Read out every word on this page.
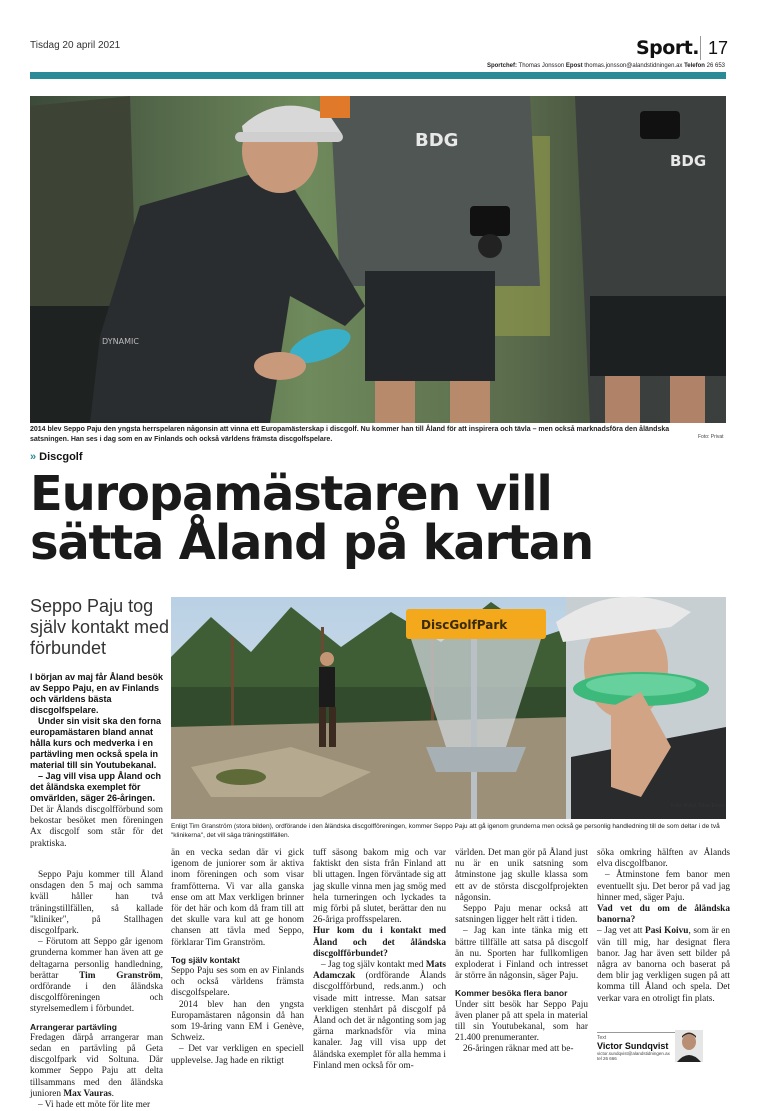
Tisdag 20 april 2021	Sport. 17
Sportchef: Thomas Jonsson Epost thomas.jonsson@alandstidningen.ax Telefon 26 653
BDG
BDG
DYNAMIC
2014 blev Seppo Paju den yngsta herrspelaren någonsin att vinna ett Europamästerskap i discgolf. Nu kommer han till Åland för att inspirera och tävla – men också marknadsföra den åländska satsningen. Han ses i dag som en av Finlands och också världens främsta discgolfspelare.	Foto: Privat
» Discgolf
Europamästaren vill
sätta Åland på kartan
Seppo Paju tog själv kontakt med förbundet

I början av maj får Åland besök av Seppo Paju, en av Finlands och världens bästa discgolfspelare.

Under sin visit ska den forna europamästaren bland annat hålla kurs och medverka i en partävling men också spela in material till sin Youtubekanal.

– Jag vill visa upp Åland och det åländska exemplet för omvärlden, säger 26-åringen.

DiscGolfPark
Foto: Hülya Tokur Ehres
Enligt Tim Granström (stora bilden), ordförande i den åländska discgolfföreningen, kommer Seppo Paju att gå igenom grunderna men också ge personlig handledning till de som deltar i de två "klinikerna", det vill säga träningstillfällen.

Det är Ålands discgolfförbund som bekostar besöket men föreningen Ax discgolf som står för det praktiska.

Seppo Paju kommer till Åland onsdagen den 5 maj och samma kväll håller han två träningstillfällen, så kallade "kliniker", på Stallhagen discgolfpark.

– Förutom att Seppo går igenom grunderna kommer han även att ge deltagarna personlig handledning, berättar Tim Granström, ordförande i den åländska discgolfföreningen och styrelsemedlem i förbundet.

Arrangerar partävling

Fredagen därpå arrangerar man sedan en partävling på Geta discgolfpark vid Soltuna. Där kommer Seppo Paju att delta tillsammans med den åländska junioren Max Vauras.

– Vi hade ett möte för lite mer

än en vecka sedan där vi gick igenom de juniorer som är aktiva inom föreningen och som visar framfötterna. Vi var alla ganska ense om att Max verkligen brinner för det här och kom då fram till att det skulle vara kul att ge honom chansen att tävla med Seppo, förklarar Tim Granström.

Tog själv kontakt

Seppo Paju ses som en av Finlands och också världens främsta discgolfspelare.

2014 blev han den yngsta Europamästaren någonsin då han som 19-åring vann EM i Genève, Schweiz.

– Det var verkligen en speciell upplevelse. Jag hade en riktigt

tuff säsong bakom mig och var faktiskt den sista från Finland att bli uttagen. Ingen förväntade sig att jag skulle vinna men jag smög med hela turneringen och lyckades ta mig förbi på slutet, berättar den nu 26-åriga proffsspelaren.

Hur kom du i kontakt med Åland och det åländska discgolfförbundet?

– Jag tog själv kontakt med Mats Adamczak (ordförande Ålands discgolfförbund, reds.anm.) och visade mitt intresse. Man satsar verkligen stenhårt på discgolf på Åland och det är någonting som jag gärna marknadsför via mina kanaler. Jag vill visa upp det åländska exemplet för alla hemma i Finland men också för om-

världen. Det man gör på Åland just nu är en unik satsning som åtminstone jag skulle klassa som ett av de största discgolfprojekten någonsin.

Seppo Paju menar också att satsningen ligger helt rätt i tiden.

– Jag kan inte tänka mig ett bättre tillfälle att satsa på discgolf än nu. Sporten har fullkomligen exploderat i Finland och intresset är större än någonsin, säger Paju.

Kommer besöka flera banor

Under sitt besök har Seppo Paju även planer på att spela in material till sin Youtubekanal, som har 21.400 prenumeranter.

26-åringen räknar med att be-

söka omkring hälften av Ålands elva discgolfbanor.

– Åtminstone fem banor men eventuellt sju. Det beror på vad jag hinner med, säger Paju.

Vad vet du om de åländska banorna?

– Jag vet att Pasi Koivu, som är en vän till mig, har designat flera banor. Jag har även sett bilder på några av banorna och baserat på dem blir jag verkligen sugen på att komma till Åland och spela. Det verkar vara en otroligt fin plats.

Text
Victor Sundqvist
victor.sundqvist@alandstidningen.ax
tel 26 666
